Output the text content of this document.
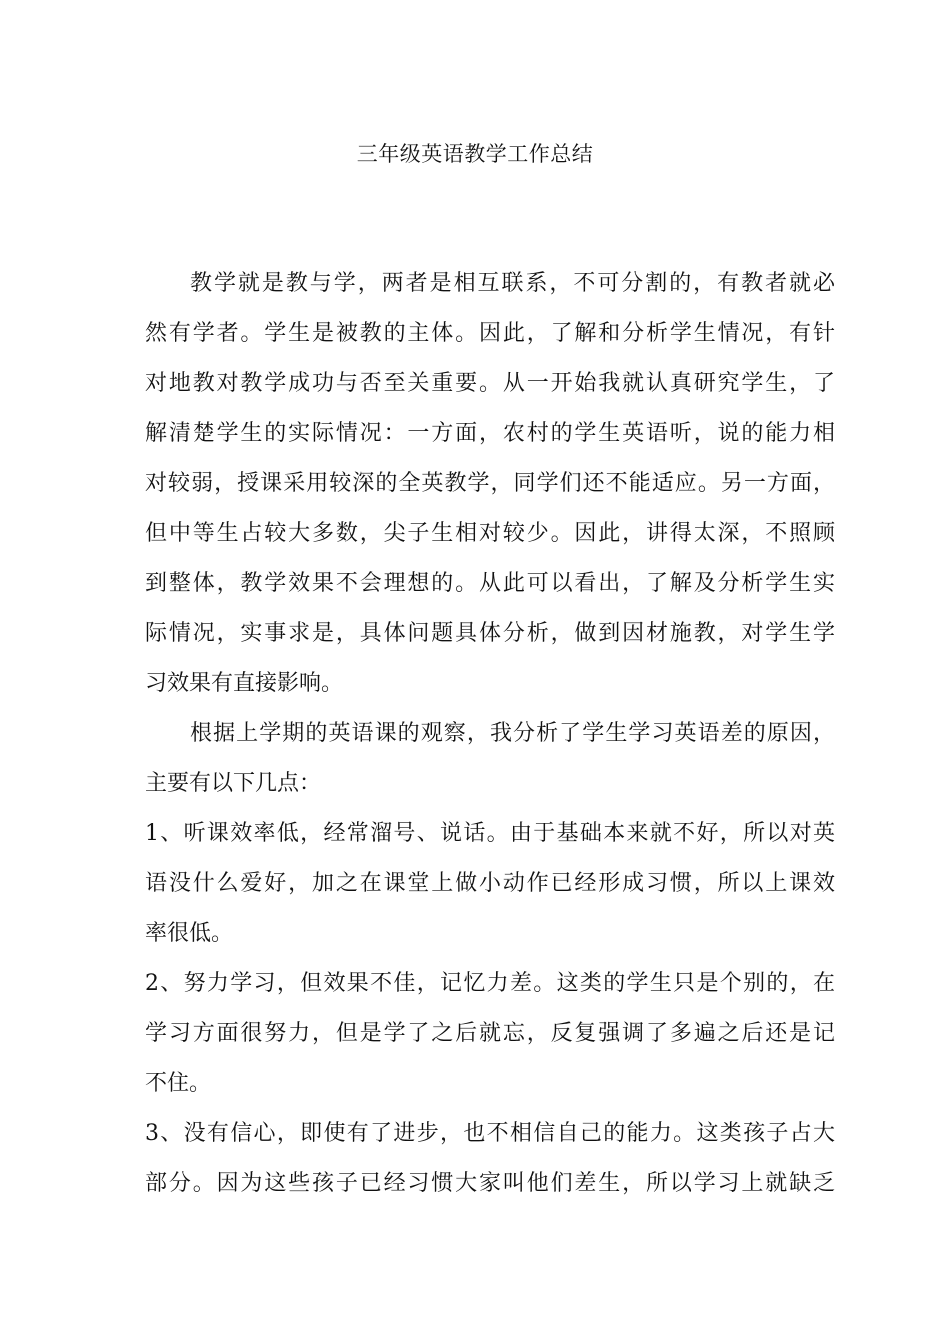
三年级英语教学工作总结
教学就是教与学，两者是相互联系，不可分割的，有教者就必
然有学者。学生是被教的主体。因此，了解和分析学生情况，有针
对地教对教学成功与否至关重要。从一开始我就认真研究学生，了
解清楚学生的实际情况：一方面，农村的学生英语听，说的能力相
对较弱，授课采用较深的全英教学，同学们还不能适应。另一方面，
但中等生占较大多数，尖子生相对较少。因此，讲得太深，不照顾
到整体，教学效果不会理想的。从此可以看出，了解及分析学生实
际情况，实事求是，具体问题具体分析，做到因材施教，对学生学
习效果有直接影响。
根据上学期的英语课的观察，我分析了学生学习英语差的原因，
主要有以下几点：
1、听课效率低，经常溜号、说话。由于基础本来就不好，所以对英
语没什么爱好，加之在课堂上做小动作已经形成习惯，所以上课效
率很低。
2、努力学习，但效果不佳，记忆力差。这类的学生只是个别的，在
学习方面很努力，但是学了之后就忘，反复强调了多遍之后还是记
不住。
3、没有信心，即使有了进步，也不相信自己的能力。这类孩子占大
部分。因为这些孩子已经习惯大家叫他们差生，所以学习上就缺乏
